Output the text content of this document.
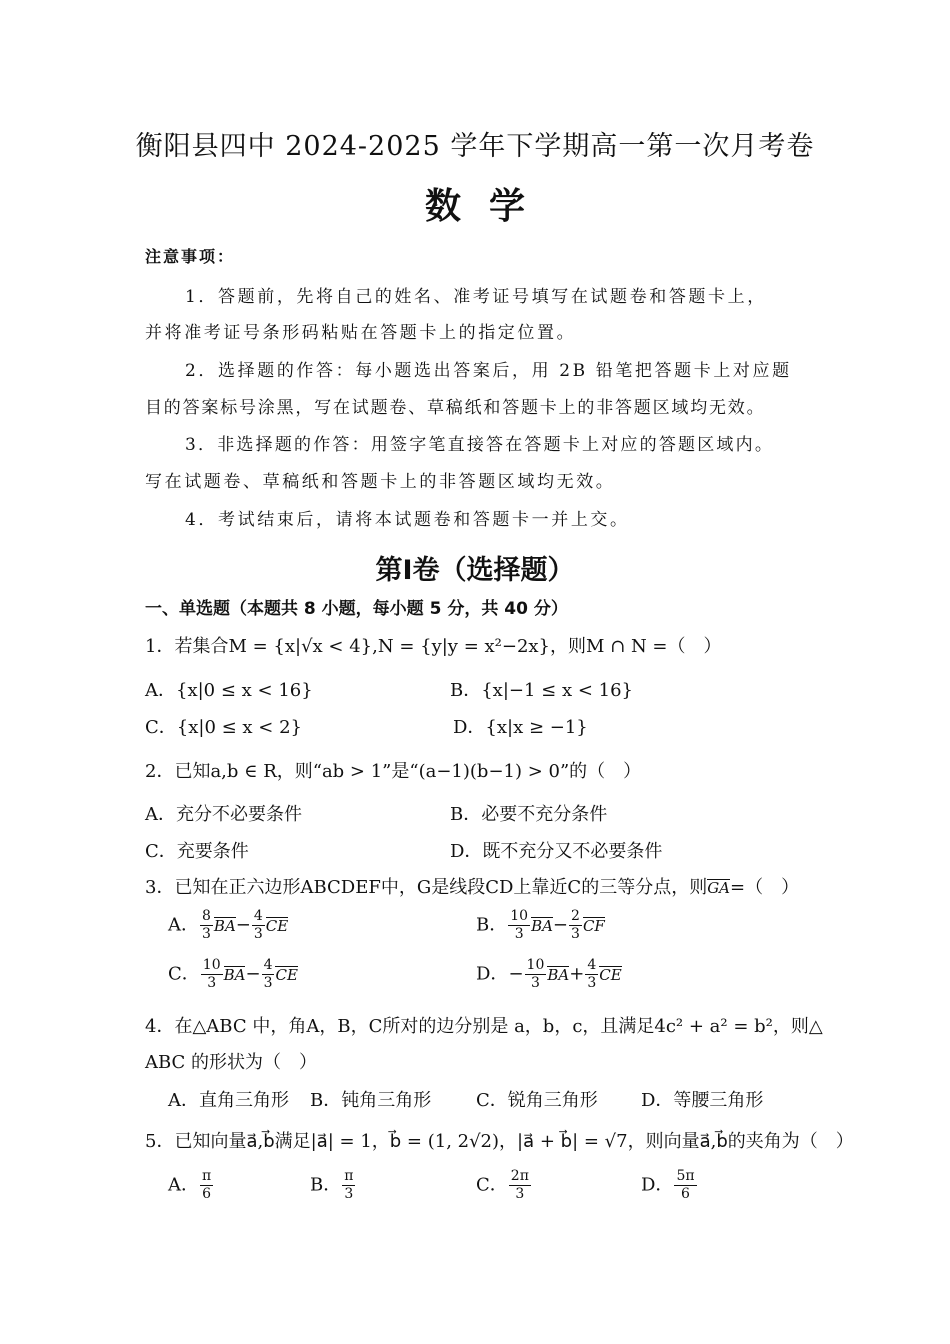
衡阳县四中 2024-2025 学年下学期高一第一次月考卷
数学
注意事项：
1．答题前，先将自己的姓名、准考证号填写在试题卷和答题卡上，
并将准考证号条形码粘贴在答题卡上的指定位置。
2．选择题的作答：每小题选出答案后，用 2B 铅笔把答题卡上对应题
目的答案标号涂黑，写在试题卷、草稿纸和答题卡上的非答题区域均无效。
3．非选择题的作答：用签字笔直接答在答题卡上对应的答题区域内。
写在试题卷、草稿纸和答题卡上的非答题区域均无效。
4．考试结束后，请将本试题卷和答题卡一并上交。
第Ⅰ卷（选择题）
一、单选题（本题共 8 小题，每小题 5 分，共 40 分）
1．若集合M = {x|√x < 4},N = {y|y = x²−2x}，则M ∩ N =（　）
A．{x|0 ≤ x < 16}	B．{x|−1 ≤ x < 16}
C．{x|0 ≤ x < 2}	D．{x|x ≥ −1}
2．已知a,b ∈ R，则“ab > 1”是“(a−1)(b−1) > 0”的（　）
A．充分不必要条件	B．必要不充分条件
C．充要条件	D．既不充分又不必要条件
3．已知在正六边形ABCDEF中，G是线段CD上靠近C的三等分点，则GA=（　）
A． $\frac{8}{3} BA- \frac{4}{3}$ CE	B． $\frac{10}{3} BA- \frac{2}{3}$ CF
C． $\frac{10}{3} BA- \frac{4}{3}$ CE	D．− $\frac{10}{3} BA+ \frac{4}{3}$ CE
4．在△ABC 中，角A，B，C所对的边分别是 a，b，c，且满足4c² + a² = b²，则△
ABC 的形状为（　）
A．直角三角形 B．钝角三角形 C．锐角三角形 D．等腰三角形
5．已知向量a⃗,b⃗满足|a⃗| = 1，b⃗ = (1, 2√2)，|a⃗ + b⃗| = √7，则向量a⃗,b⃗的夹角为（　）
A． $\frac{\pi}{6}$	B． $\frac{\pi}{3}$	C． $\frac{2\pi}{3}$	D． $\frac{5\pi}{6}$
